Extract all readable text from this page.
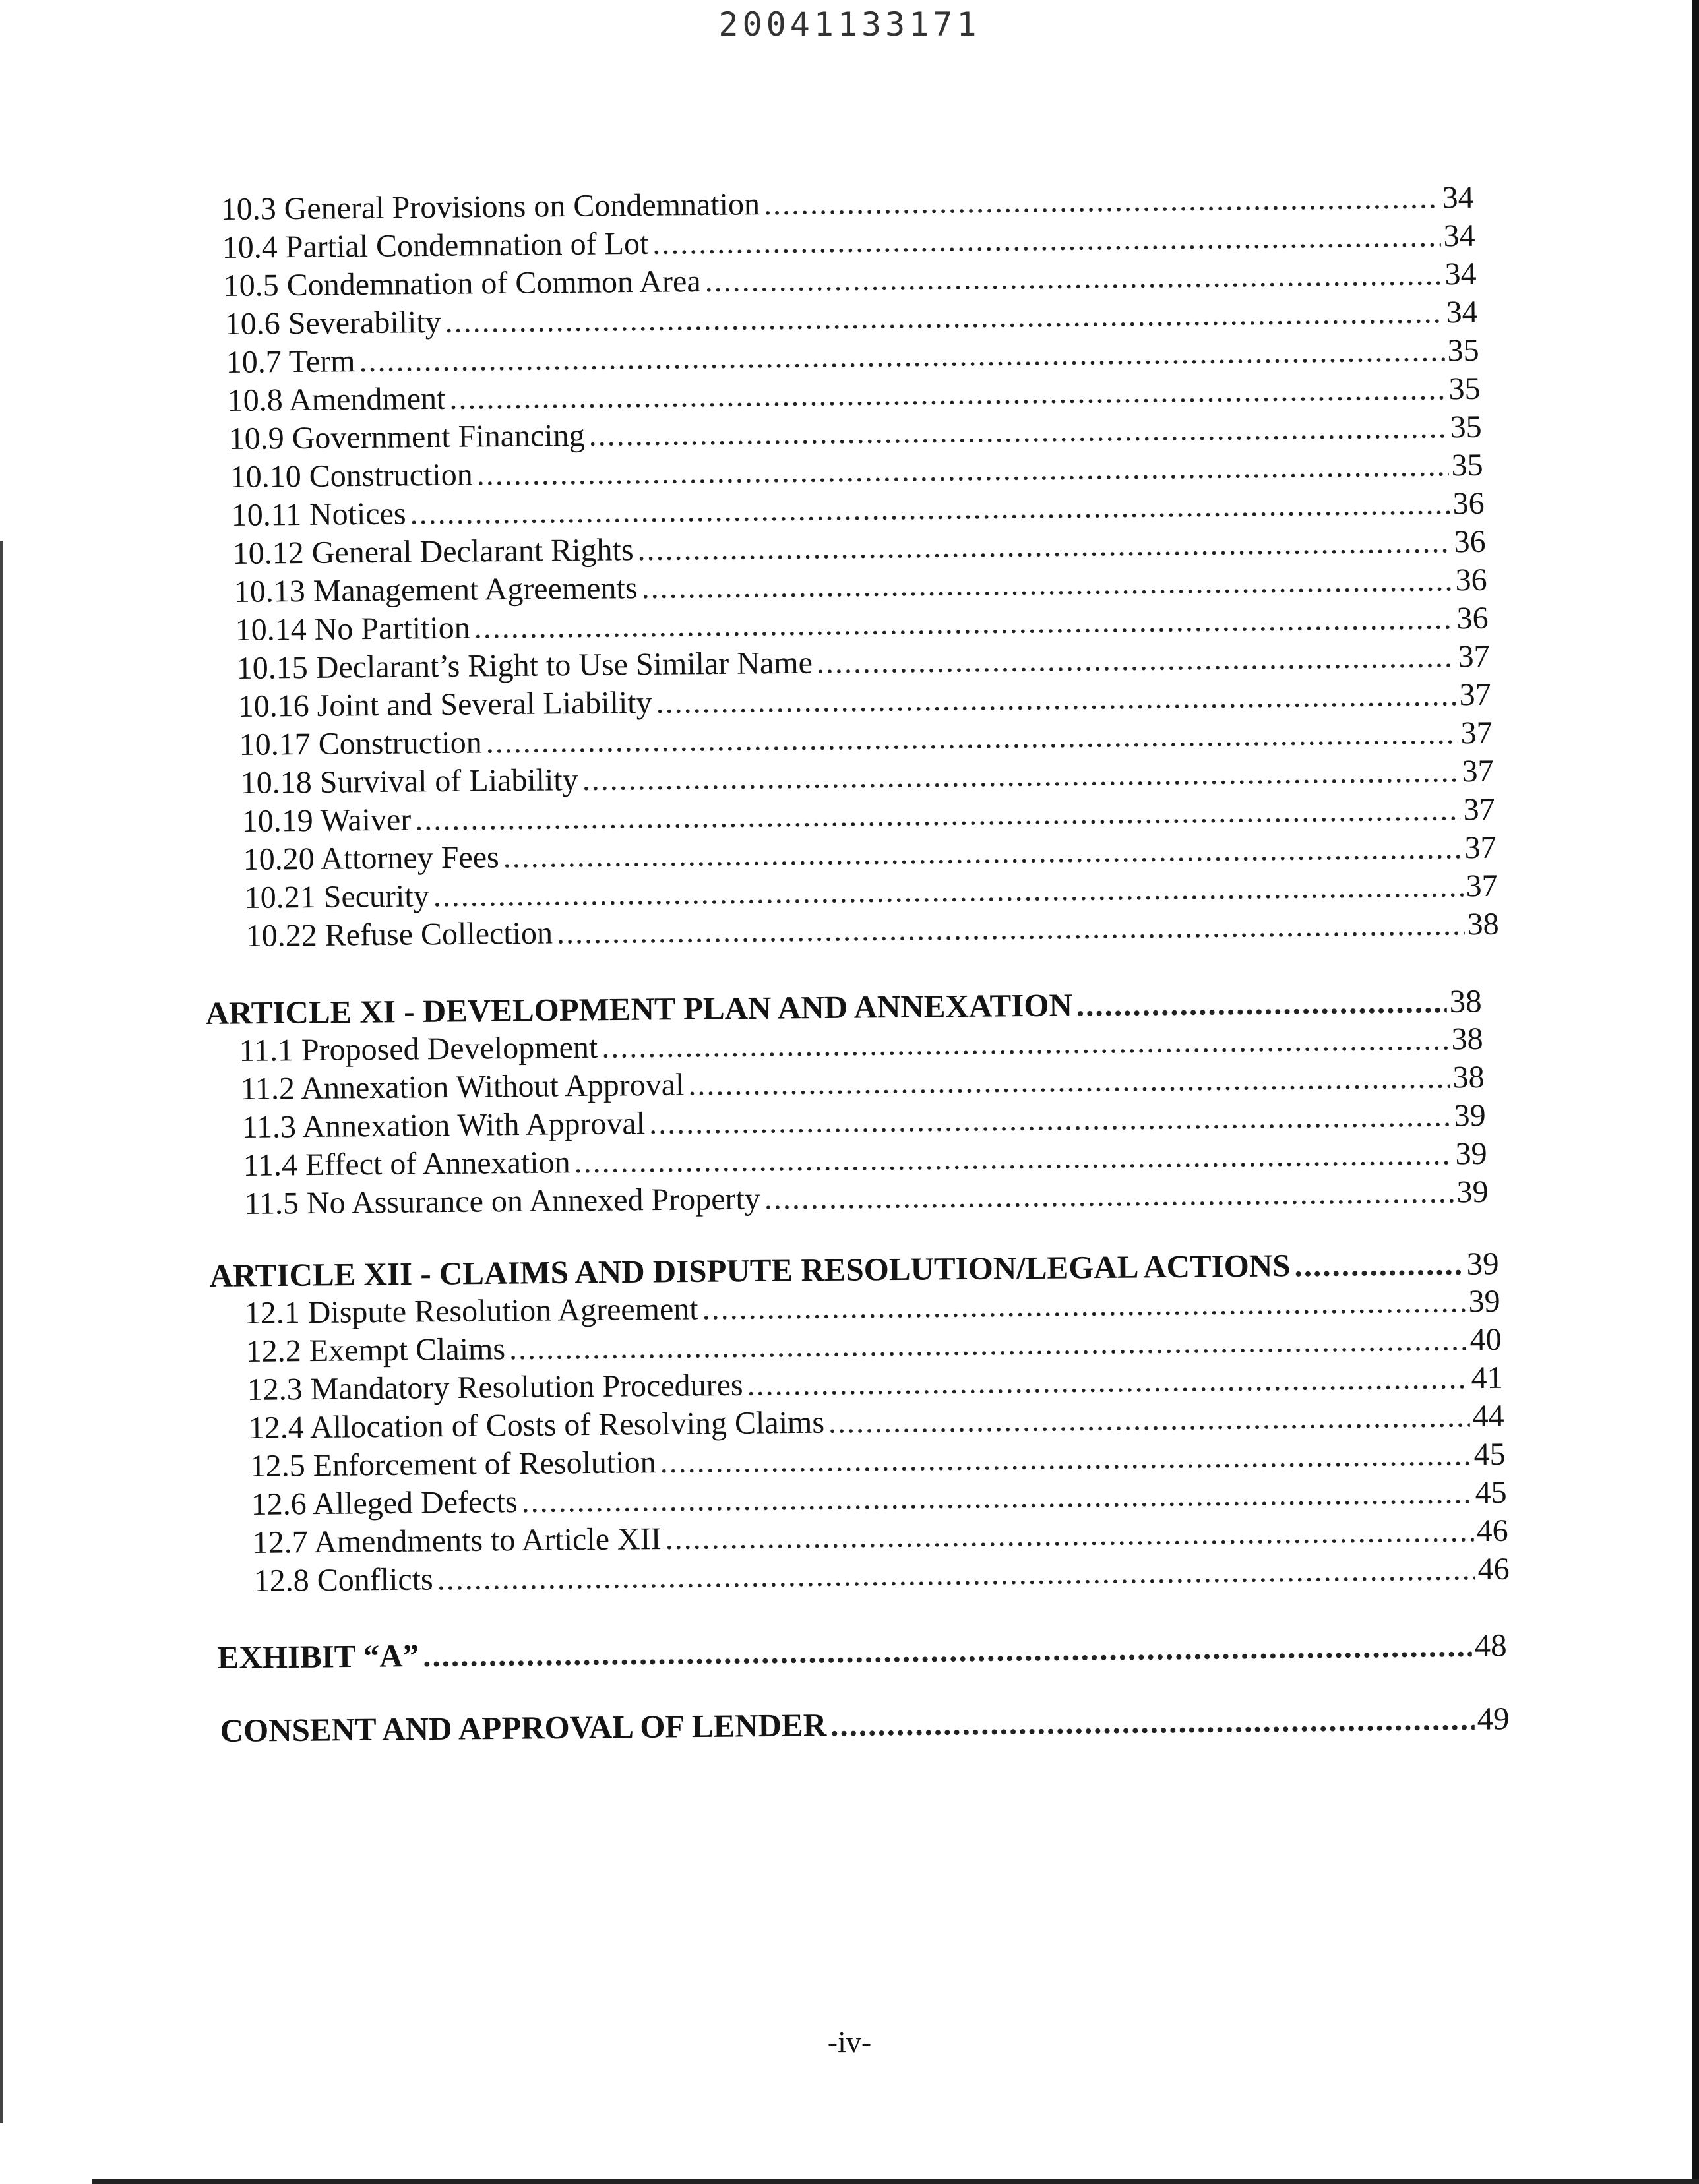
20041133171
10.3 General Provisions on Condemnation .....	34
10.4 Partial Condemnation of Lot .....	34
10.5 Condemnation of Common Area .....	34
10.6 Severability .....	34
10.7 Term .....	35
10.8 Amendment .....	35
10.9 Government Financing .....	35
10.10 Construction .....	35
10.11 Notices .....	36
10.12 General Declarant Rights .....	36
10.13 Management Agreements .....	36
10.14 No Partition .....	36
10.15 Declarant’s Right to Use Similar Name .....	37
10.16 Joint and Several Liability .....	37
10.17 Construction .....	37
10.18 Survival of Liability .....	37
10.19 Waiver .....	37
10.20 Attorney Fees .....	37
10.21 Security .....	37
10.22 Refuse Collection .....	38
ARTICLE XI - DEVELOPMENT PLAN AND ANNEXATION .....	38
11.1 Proposed Development .....	38
11.2 Annexation Without Approval .....	38
11.3 Annexation With Approval .....	39
11.4 Effect of Annexation .....	39
11.5 No Assurance on Annexed Property .....	39
ARTICLE XII - CLAIMS AND DISPUTE RESOLUTION/LEGAL ACTIONS .....	39
12.1 Dispute Resolution Agreement .....	39
12.2 Exempt Claims .....	40
12.3 Mandatory Resolution Procedures .....	41
12.4 Allocation of Costs of Resolving Claims .....	44
12.5 Enforcement of Resolution .....	45
12.6 Alleged Defects .....	45
12.7 Amendments to Article XII .....	46
12.8 Conflicts .....	46
EXHIBIT “A” .....	48
CONSENT AND APPROVAL OF LENDER .....	49
-iv-
